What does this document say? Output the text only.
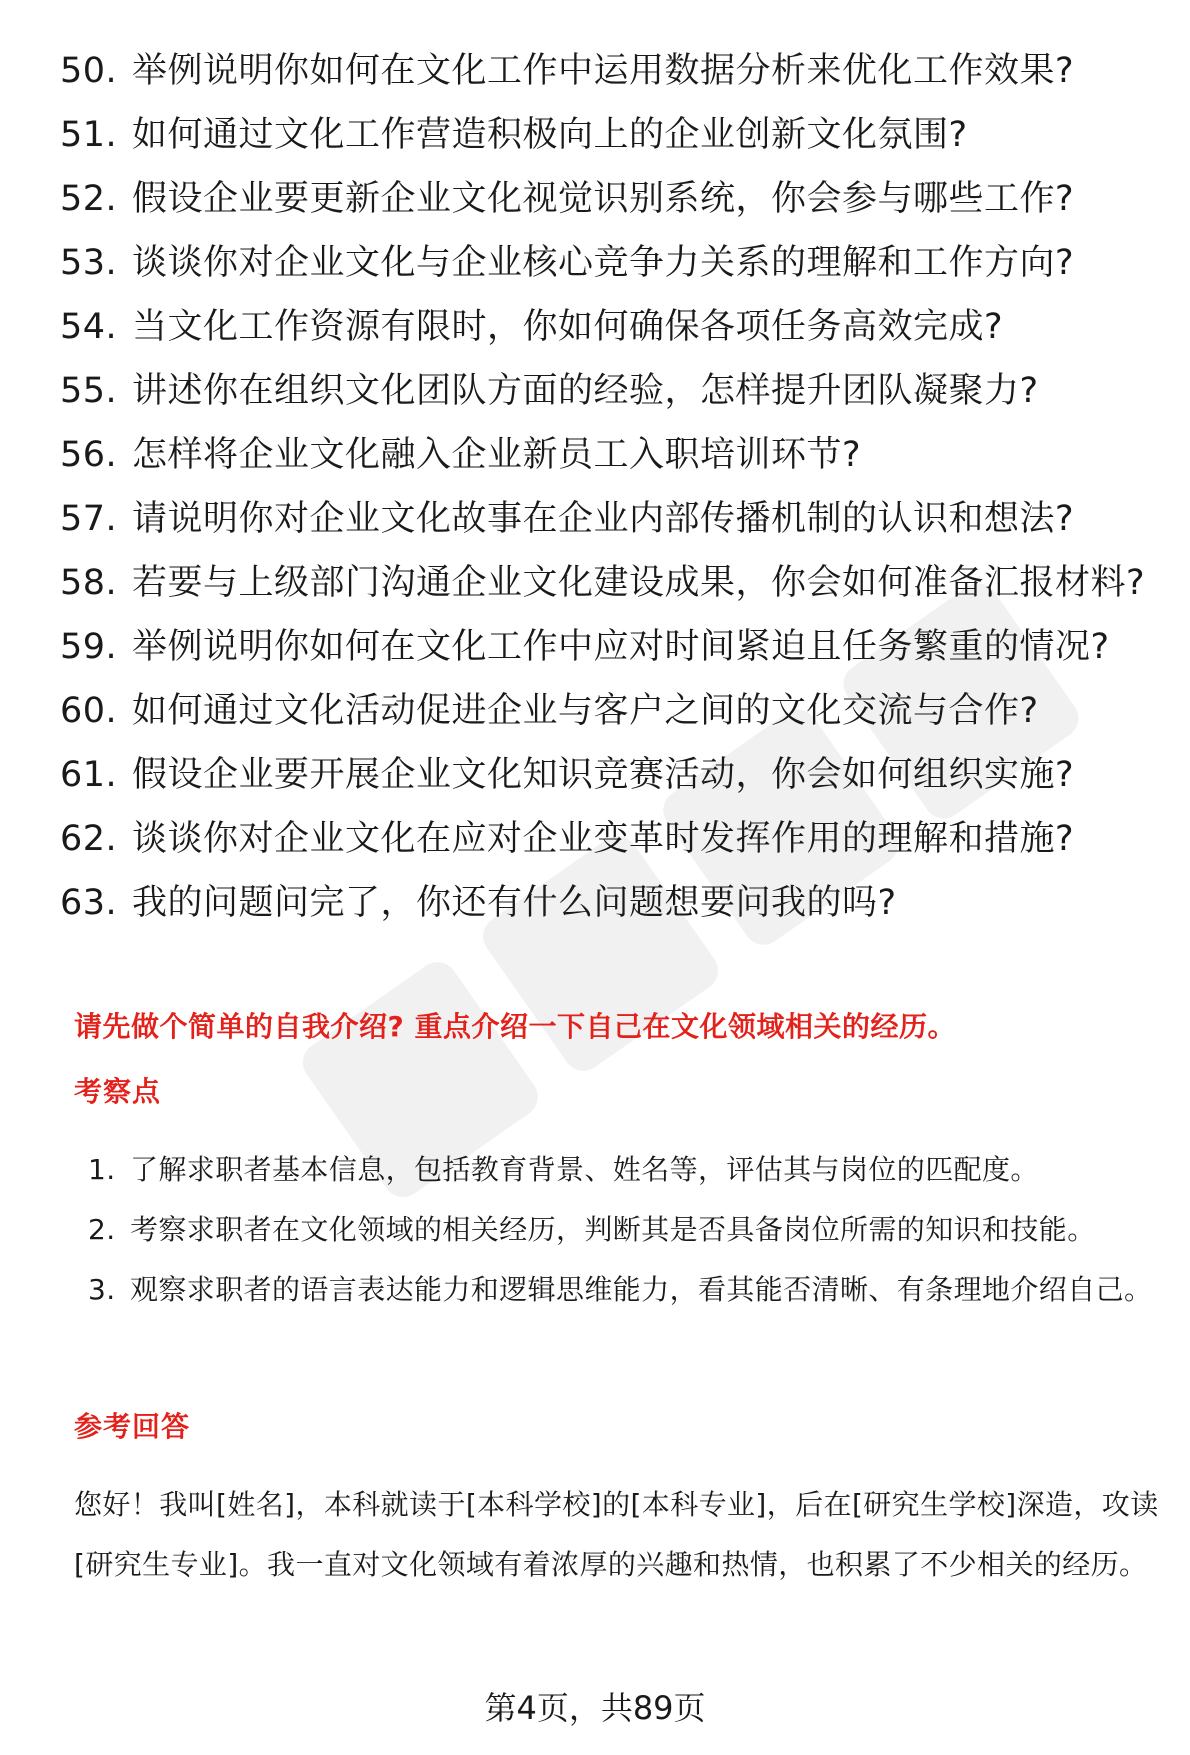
50. 举例说明你如何在文化工作中运用数据分析来优化工作效果?
51. 如何通过文化工作营造积极向上的企业创新文化氛围?
52. 假设企业要更新企业文化视觉识别系统，你会参与哪些工作?
53. 谈谈你对企业文化与企业核心竞争力关系的理解和工作方向?
54. 当文化工作资源有限时，你如何确保各项任务高效完成?
55. 讲述你在组织文化团队方面的经验，怎样提升团队凝聚力?
56. 怎样将企业文化融入企业新员工入职培训环节?
57. 请说明你对企业文化故事在企业内部传播机制的认识和想法?
58. 若要与上级部门沟通企业文化建设成果，你会如何准备汇报材料?
59. 举例说明你如何在文化工作中应对时间紧迫且任务繁重的情况?
60. 如何通过文化活动促进企业与客户之间的文化交流与合作?
61. 假设企业要开展企业文化知识竞赛活动，你会如何组织实施?
62. 谈谈你对企业文化在应对企业变革时发挥作用的理解和措施?
63. 我的问题问完了，你还有什么问题想要问我的吗?
请先做个简单的自我介绍? 重点介绍一下自己在文化领域相关的经历。
考察点
1. 了解求职者基本信息，包括教育背景、姓名等，评估其与岗位的匹配度。
2. 考察求职者在文化领域的相关经历，判断其是否具备岗位所需的知识和技能。
3. 观察求职者的语言表达能力和逻辑思维能力，看其能否清晰、有条理地介绍自己。
参考回答
您好！我叫[姓名]，本科就读于[本科学校]的[本科专业]，后在[研究生学校]深造，攻读[研究生专业]。我一直对文化领域有着浓厚的兴趣和热情，也积累了不少相关的经历。
第4页，共89页
